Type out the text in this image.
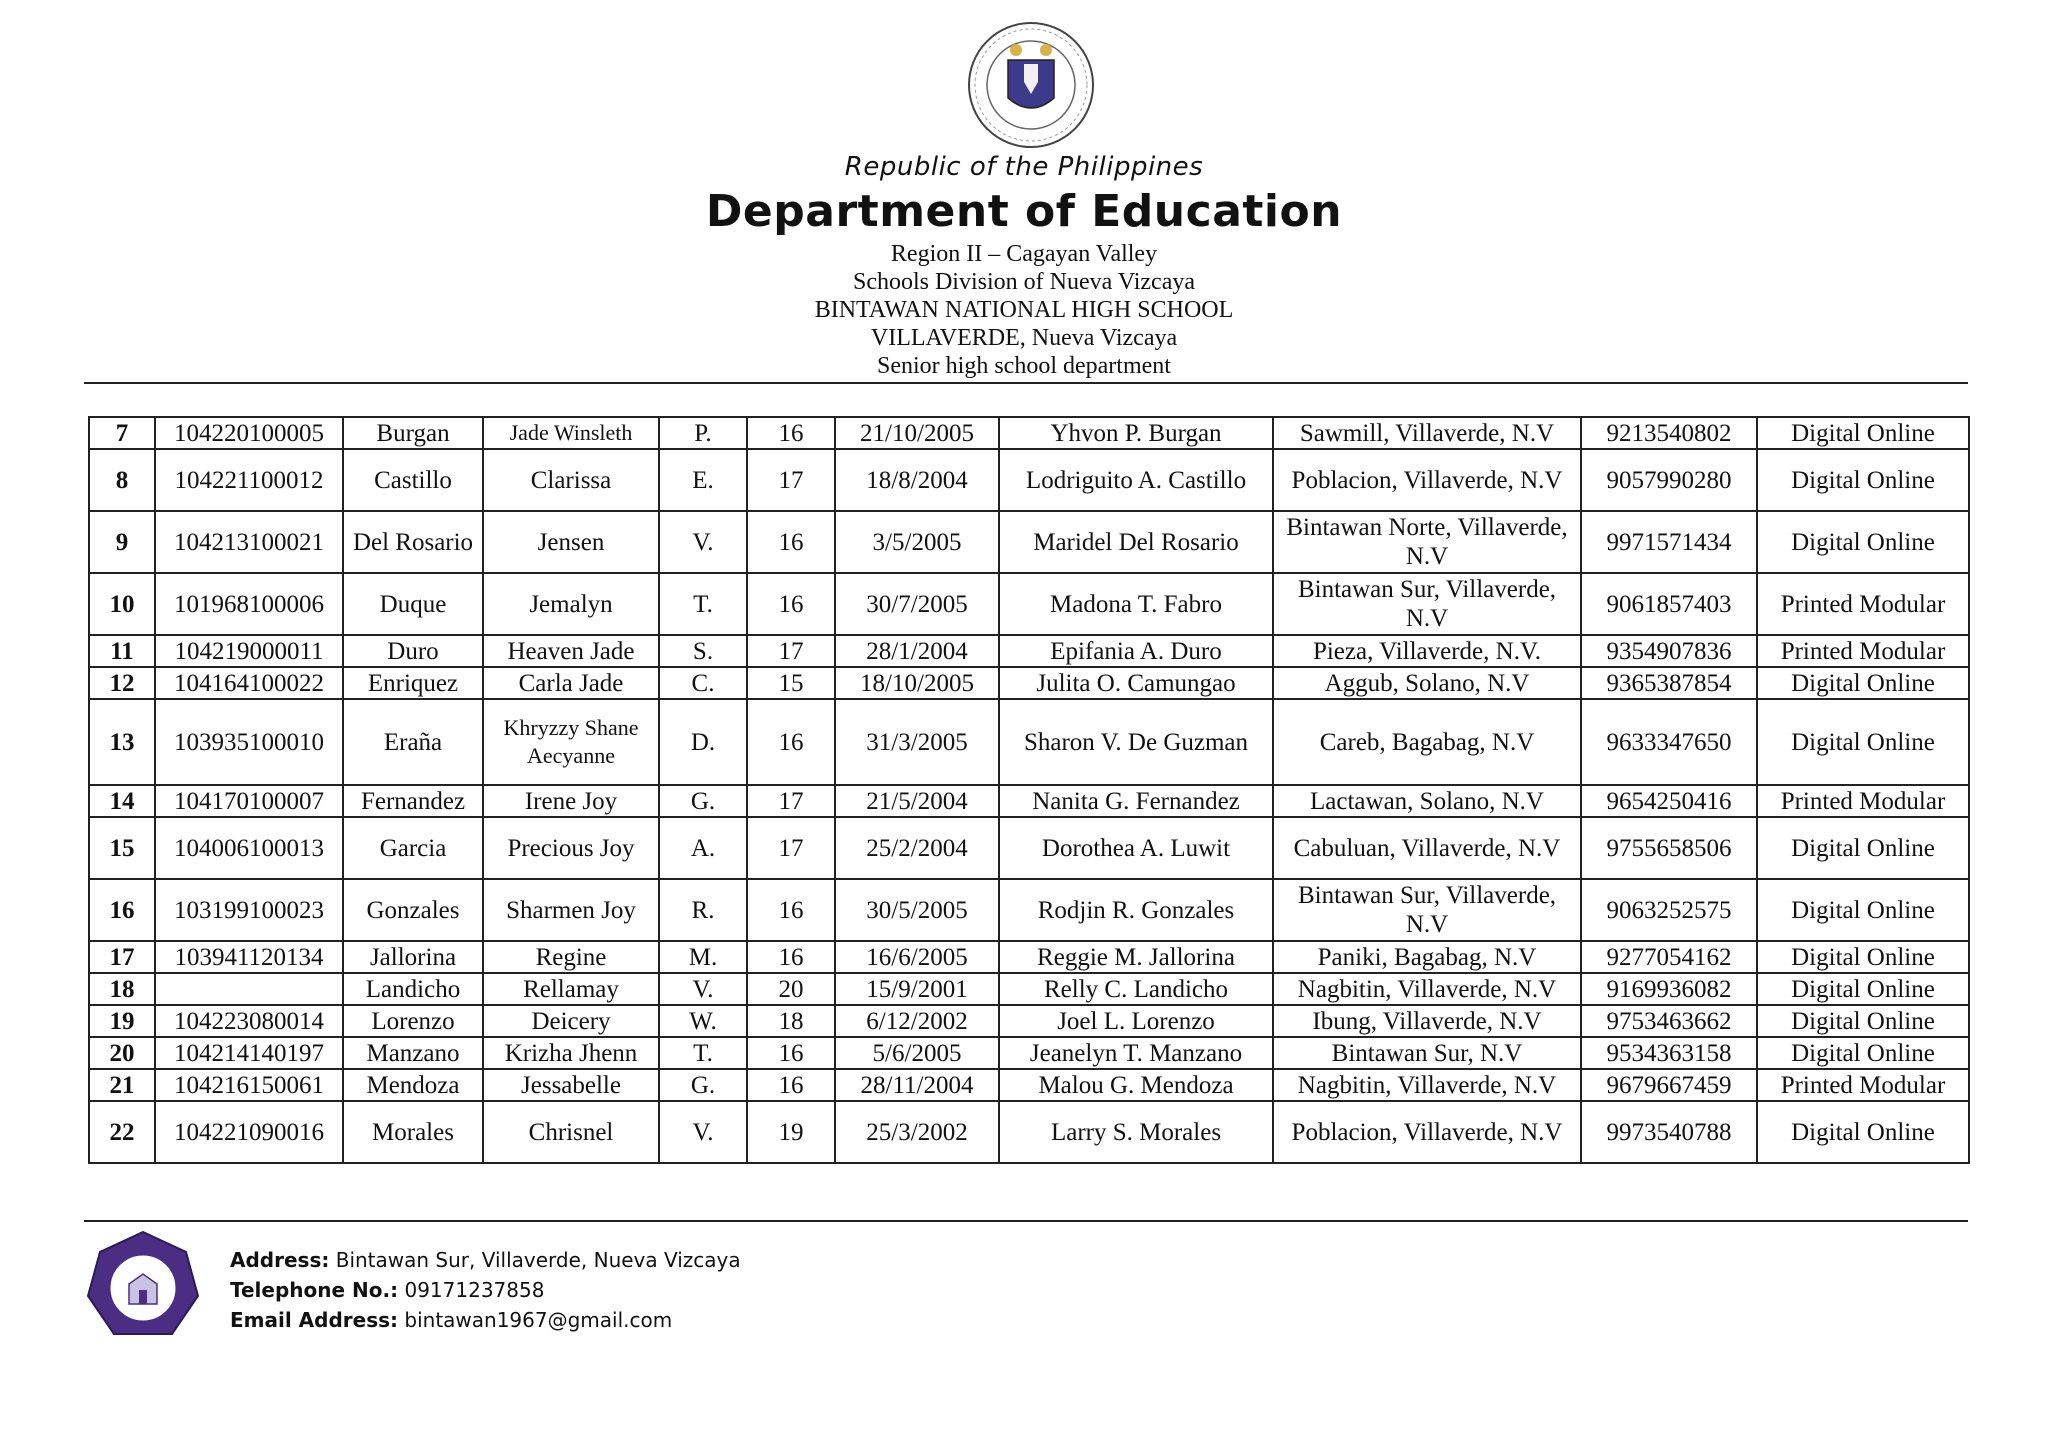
Republic of the Philippines
Department of Education
Region II – Cagayan Valley
Schools Division of Nueva Vizcaya
BINTAWAN NATIONAL HIGH SCHOOL
VILLAVERDE, Nueva Vizcaya
Senior high school department
7	104220100005	Burgan	Jade Winsleth	P.	16	21/10/2005	Yhvon P. Burgan	Sawmill, Villaverde, N.V	9213540802	Digital Online
8	104221100012	Castillo	Clarissa	E.	17	18/8/2004	Lodriguito A. Castillo	Poblacion, Villaverde, N.V	9057990280	Digital Online
9	104213100021	Del Rosario	Jensen	V.	16	3/5/2005	Maridel Del Rosario	Bintawan Norte, Villaverde, N.V	9971571434	Digital Online
10	101968100006	Duque	Jemalyn	T.	16	30/7/2005	Madona T. Fabro	Bintawan Sur, Villaverde, N.V	9061857403	Printed Modular
11	104219000011	Duro	Heaven Jade	S.	17	28/1/2004	Epifania A. Duro	Pieza, Villaverde, N.V.	9354907836	Printed Modular
12	104164100022	Enriquez	Carla Jade	C.	15	18/10/2005	Julita O. Camungao	Aggub, Solano, N.V	9365387854	Digital Online
13	103935100010	Eraña	Khryzzy Shane Aecyanne	D.	16	31/3/2005	Sharon V. De Guzman	Careb, Bagabag, N.V	9633347650	Digital Online
14	104170100007	Fernandez	Irene Joy	G.	17	21/5/2004	Nanita G. Fernandez	Lactawan, Solano, N.V	9654250416	Printed Modular
15	104006100013	Garcia	Precious Joy	A.	17	25/2/2004	Dorothea A. Luwit	Cabuluan, Villaverde, N.V	9755658506	Digital Online
16	103199100023	Gonzales	Sharmen Joy	R.	16	30/5/2005	Rodjin R. Gonzales	Bintawan Sur, Villaverde, N.V	9063252575	Digital Online
17	103941120134	Jallorina	Regine	M.	16	16/6/2005	Reggie M. Jallorina	Paniki, Bagabag, N.V	9277054162	Digital Online
18		Landicho	Rellamay	V.	20	15/9/2001	Relly C. Landicho	Nagbitin, Villaverde, N.V	9169936082	Digital Online
19	104223080014	Lorenzo	Deicery	W.	18	6/12/2002	Joel L. Lorenzo	Ibung, Villaverde, N.V	9753463662	Digital Online
20	104214140197	Manzano	Krizha Jhenn	T.	16	5/6/2005	Jeanelyn T. Manzano	Bintawan Sur, N.V	9534363158	Digital Online
21	104216150061	Mendoza	Jessabelle	G.	16	28/11/2004	Malou G. Mendoza	Nagbitin, Villaverde, N.V	9679667459	Printed Modular
22	104221090016	Morales	Chrisnel	V.	19	25/3/2002	Larry S. Morales	Poblacion, Villaverde, N.V	9973540788	Digital Online
Address: Bintawan Sur, Villaverde, Nueva Vizcaya
Telephone No.: 09171237858
Email Address: bintawan1967@gmail.com
